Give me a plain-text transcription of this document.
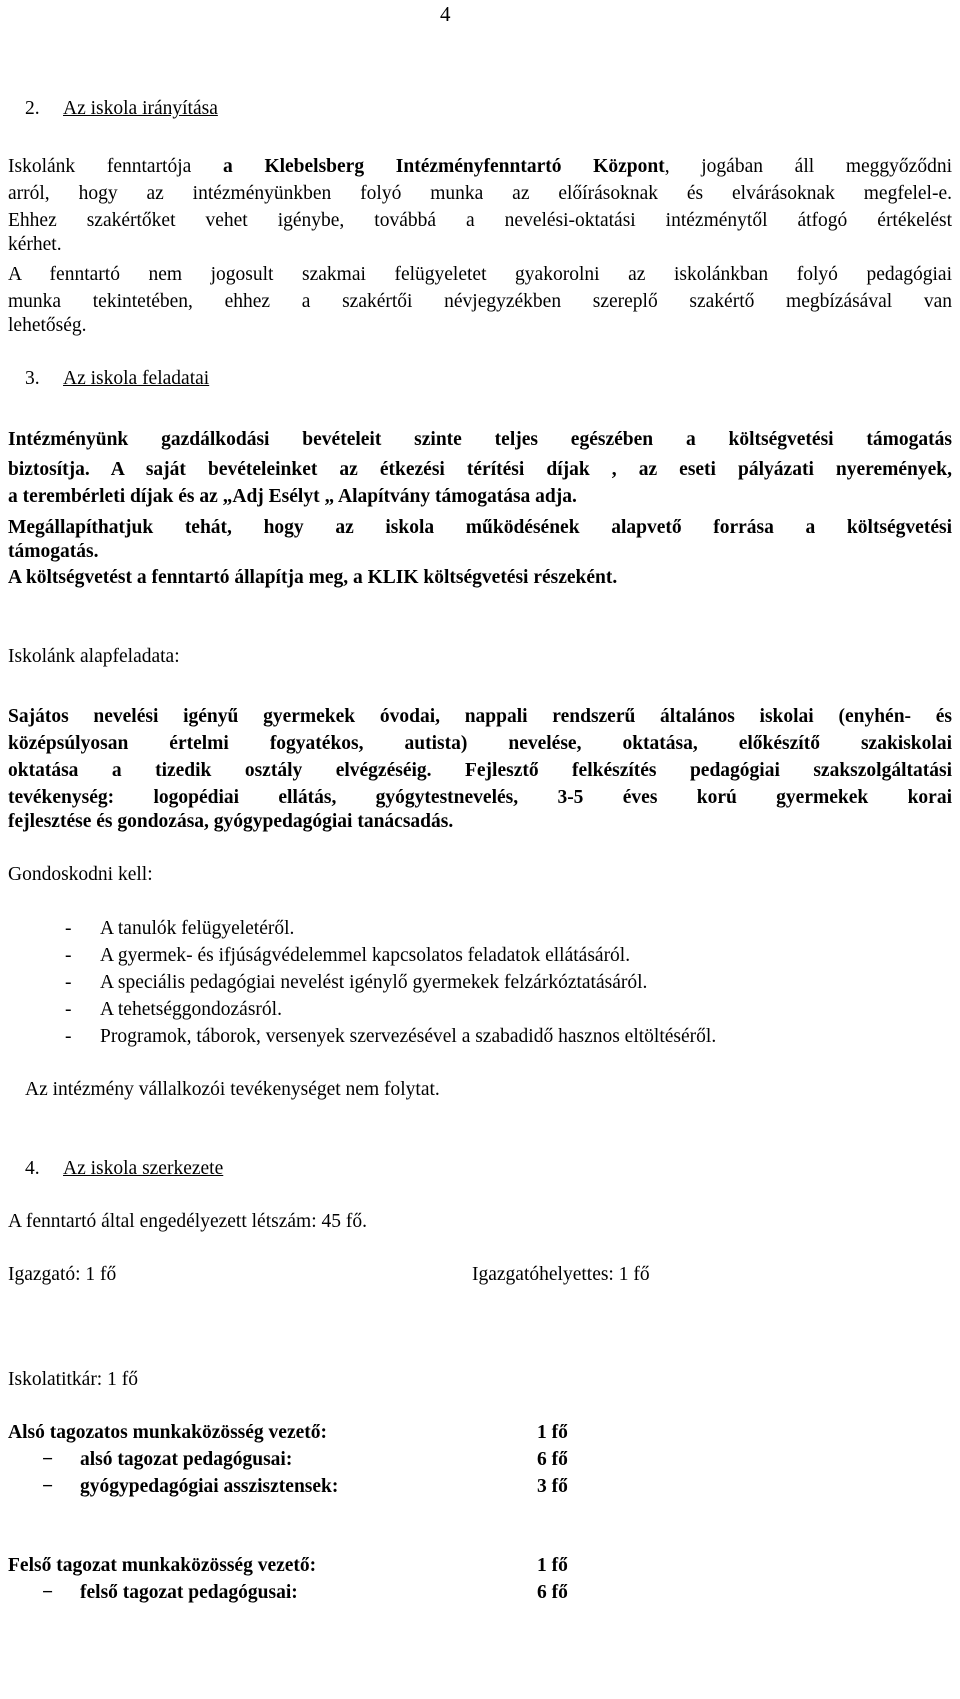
4
2. Az iskola irányítása
Iskolánk fenntartója a Klebelsberg Intézményfenntartó Központ, jogában áll meggyőződni
arról, hogy az intézményünkben folyó munka az előírásoknak és elvárásoknak megfelel-e.
Ehhez szakértőket vehet igénybe, továbbá a nevelési-oktatási intézménytől átfogó értékelést
kérhet.
A fenntartó nem jogosult szakmai felügyeletet gyakorolni az iskolánkban folyó pedagógiai
munka tekintetében, ehhez a szakértői névjegyzékben szereplő szakértő megbízásával van
lehetőség.
3. Az iskola feladatai
Intézményünk gazdálkodási bevételeit szinte teljes egészében a költségvetési támogatás
biztosítja. A saját bevételeinket az étkezési térítési díjak , az eseti pályázati nyeremények,
a terembérleti díjak és az „Adj Esélyt „ Alapítvány támogatása adja.
Megállapíthatjuk tehát, hogy az iskola működésének alapvető forrása a költségvetési
támogatás.
A költségvetést a fenntartó állapítja meg, a KLIK költségvetési részeként.
Iskolánk alapfeladata:
Sajátos nevelési igényű gyermekek óvodai, nappali rendszerű általános iskolai (enyhén- és
középsúlyosan értelmi fogyatékos, autista) nevelése, oktatása, előkészítő szakiskolai
oktatása a tizedik osztály elvégzéséig. Fejlesztő felkészítés pedagógiai szakszolgáltatási
tevékenység: logopédiai ellátás, gyógytestnevelés, 3-5 éves korú gyermekek korai
fejlesztése és gondozása, gyógypedagógiai tanácsadás.
Gondoskodni kell:
- A tanulók felügyeletéről.
- A gyermek- és ifjúságvédelemmel kapcsolatos feladatok ellátásáról.
- A speciális pedagógiai nevelést igénylő gyermekek felzárkóztatásáról.
- A tehetséggondozásról.
- Programok, táborok, versenyek szervezésével a szabadidő hasznos eltöltéséről.
Az intézmény vállalkozói tevékenységet nem folytat.
4. Az iskola szerkezete
A fenntartó által engedélyezett létszám: 45 fő.
Igazgató: 1 fő	Igazgatóhelyettes: 1 fő
Iskolatitkár: 1 fő
Alsó tagozatos munkaközösség vezető:	1 fő
− alsó tagozat pedagógusai:	6 fő
− gyógypedagógiai asszisztensek:	3 fő
Felső tagozat munkaközösség vezető:	1 fő
− felső tagozat pedagógusai:	6 fő
